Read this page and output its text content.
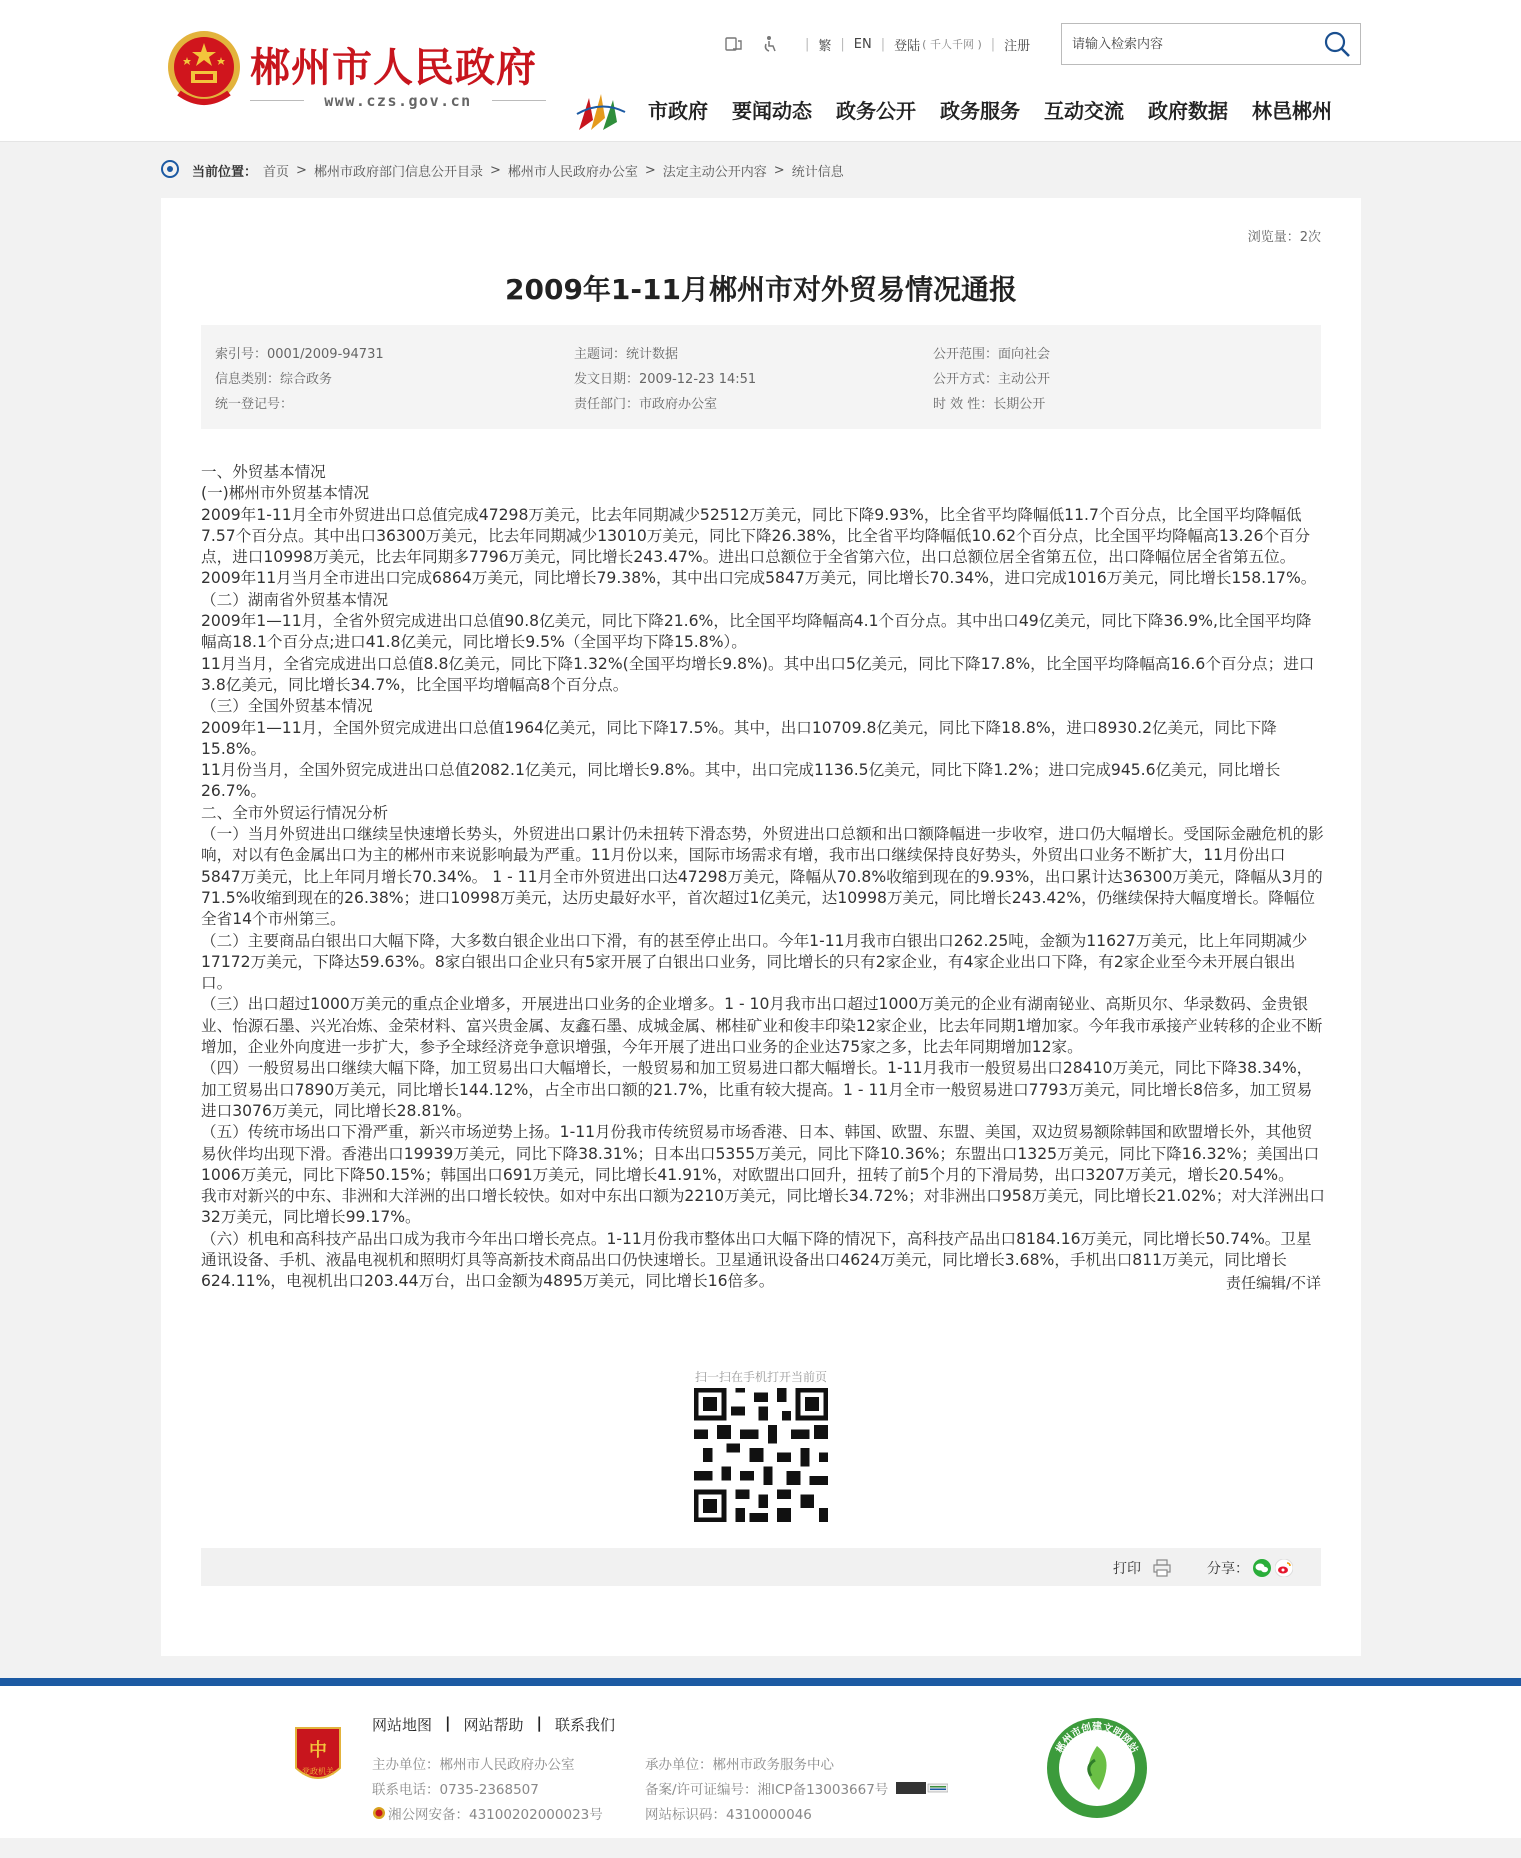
郴州市人民政府
www.czs.gov.cn
| 繁 | EN | 登陆 ( 千人千网 ) | 注册
请输入检索内容
市政府 要闻动态 政务公开 政务服务 互动交流 政府数据 林邑郴州
当前位置： 首页 > 郴州市政府部门信息公开目录 > 郴州市人民政府办公室 > 法定主动公开内容 > 统计信息
浏览量：2次
2009年1-11月郴州市对外贸易情况通报
索引号：0001/2009-94731	主题词：统计数据	公开范围：面向社会
信息类别：综合政务	发文日期：2009-12-23 14:51	公开方式：主动公开
统一登记号：	责任部门：市政府办公室	时 效 性：长期公开

一、外贸基本情况

(一)郴州市外贸基本情况

2009年1-11月全市外贸进出口总值完成47298万美元，比去年同期减少52512万美元，同比下降9.93%，比全省平均降幅低11.7个百分点，比全国平均降幅低7.57个百分点。其中出口36300万美元，比去年同期减少13010万美元，同比下降26.38%，比全省平均降幅低10.62个百分点，比全国平均降幅高13.26个百分点，进口10998万美元，比去年同期多7796万美元，同比增长243.47%。进出口总额位于全省第六位，出口总额位居全省第五位，出口降幅位居全省第五位。

2009年11月当月全市进出口完成6864万美元，同比增长79.38%，其中出口完成5847万美元，同比增长70.34%，进口完成1016万美元，同比增长158.17%。

（二）湖南省外贸基本情况

2009年1—11月，全省外贸完成进出口总值90.8亿美元，同比下降21.6%，比全国平均降幅高4.1个百分点。其中出口49亿美元，同比下降36.9%,比全国平均降幅高18.1个百分点;进口41.8亿美元，同比增长9.5%（全国平均下降15.8%）。

11月当月，全省完成进出口总值8.8亿美元，同比下降1.32%(全国平均增长9.8%)。其中出口5亿美元，同比下降17.8%，比全国平均降幅高16.6个百分点；进口3.8亿美元，同比增长34.7%，比全国平均增幅高8个百分点。

（三）全国外贸基本情况

2009年1—11月，全国外贸完成进出口总值1964亿美元，同比下降17.5%。其中，出口10709.8亿美元，同比下降18.8%，进口8930.2亿美元，同比下降15.8%。

11月份当月，全国外贸完成进出口总值2082.1亿美元，同比增长9.8%。其中，出口完成1136.5亿美元，同比下降1.2%；进口完成945.6亿美元，同比增长26.7%。

二、全市外贸运行情况分析

（一）当月外贸进出口继续呈快速增长势头，外贸进出口累计仍未扭转下滑态势，外贸进出口总额和出口额降幅进一步收窄，进口仍大幅增长。受国际金融危机的影响，对以有色金属出口为主的郴州市来说影响最为严重。11月份以来，国际市场需求有增，我市出口继续保持良好势头，外贸出口业务不断扩大，11月份出口5847万美元，比上年同月增长70.34%。 1 - 11月全市外贸进出口达47298万美元，降幅从70.8%收缩到现在的9.93%，出口累计达36300万美元，降幅从3月的71.5%收缩到现在的26.38%；进口10998万美元，达历史最好水平，首次超过1亿美元，达10998万美元，同比增长243.42%，仍继续保持大幅度增长。降幅位全省14个市州第三。

（二）主要商品白银出口大幅下降，大多数白银企业出口下滑，有的甚至停止出口。今年1-11月我市白银出口262.25吨，金额为11627万美元，比上年同期减少17172万美元，下降达59.63%。8家白银出口企业只有5家开展了白银出口业务，同比增长的只有2家企业，有4家企业出口下降，有2家企业至今未开展白银出口。

（三）出口超过1000万美元的重点企业增多，开展进出口业务的企业增多。1 - 10月我市出口超过1000万美元的企业有湖南铋业、高斯贝尔、华录数码、金贵银业、怡源石墨、兴光冶炼、金荣材料、富兴贵金属、友鑫石墨、成城金属、郴桂矿业和俊丰印染12家企业，比去年同期1增加家。今年我市承接产业转移的企业不断增加，企业外向度进一步扩大，参予全球经济竞争意识增强，今年开展了进出口业务的企业达75家之多，比去年同期增加12家。

（四）一般贸易出口继续大幅下降，加工贸易出口大幅增长，一般贸易和加工贸易进口都大幅增长。1-11月我市一般贸易出口28410万美元，同比下降38.34%，加工贸易出口7890万美元，同比增长144.12%，占全市出口额的21.7%，比重有较大提高。1 - 11月全市一般贸易进口7793万美元，同比增长8倍多，加工贸易进口3076万美元，同比增长28.81%。

（五）传统市场出口下滑严重，新兴市场逆势上扬。1-11月份我市传统贸易市场香港、日本、韩国、欧盟、东盟、美国，双边贸易额除韩国和欧盟增长外，其他贸易伙伴均出现下滑。香港出口19939万美元，同比下降38.31%；日本出口5355万美元，同比下降10.36%；东盟出口1325万美元，同比下降16.32%；美国出口1006万美元，同比下降50.15%；韩国出口691万美元，同比增长41.91%，对欧盟出口回升，扭转了前5个月的下滑局势，出口3207万美元，增长20.54%。

我市对新兴的中东、非洲和大洋洲的出口增长较快。如对中东出口额为2210万美元，同比增长34.72%；对非洲出口958万美元，同比增长21.02%；对大洋洲出口32万美元，同比增长99.17%。

（六）机电和高科技产品出口成为我市今年出口增长亮点。1-11月份我市整体出口大幅下降的情况下，高科技产品出口8184.16万美元，同比增长50.74%。卫星通讯设备、手机、液晶电视机和照明灯具等高新技术商品出口仍快速增长。卫星通讯设备出口4624万美元，同比增长3.68%，手机出口811万美元，同比增长624.11%，电视机出口203.44万台，出口金额为4895万美元，同比增长16倍多。	责任编辑/不详
扫一扫在手机打开当前页
打印	分享：
中
党政机关
网站地图 | 网站帮助 | 联系我们
主办单位：郴州市人民政府办公室	承办单位：郴州市政务服务中心
联系电话：0735-2368507	备案/许可证编号：湘ICP备13003667号
湘公网安备：43100202000023号	网站标识码：4310000046
郴州市创建文明网站
